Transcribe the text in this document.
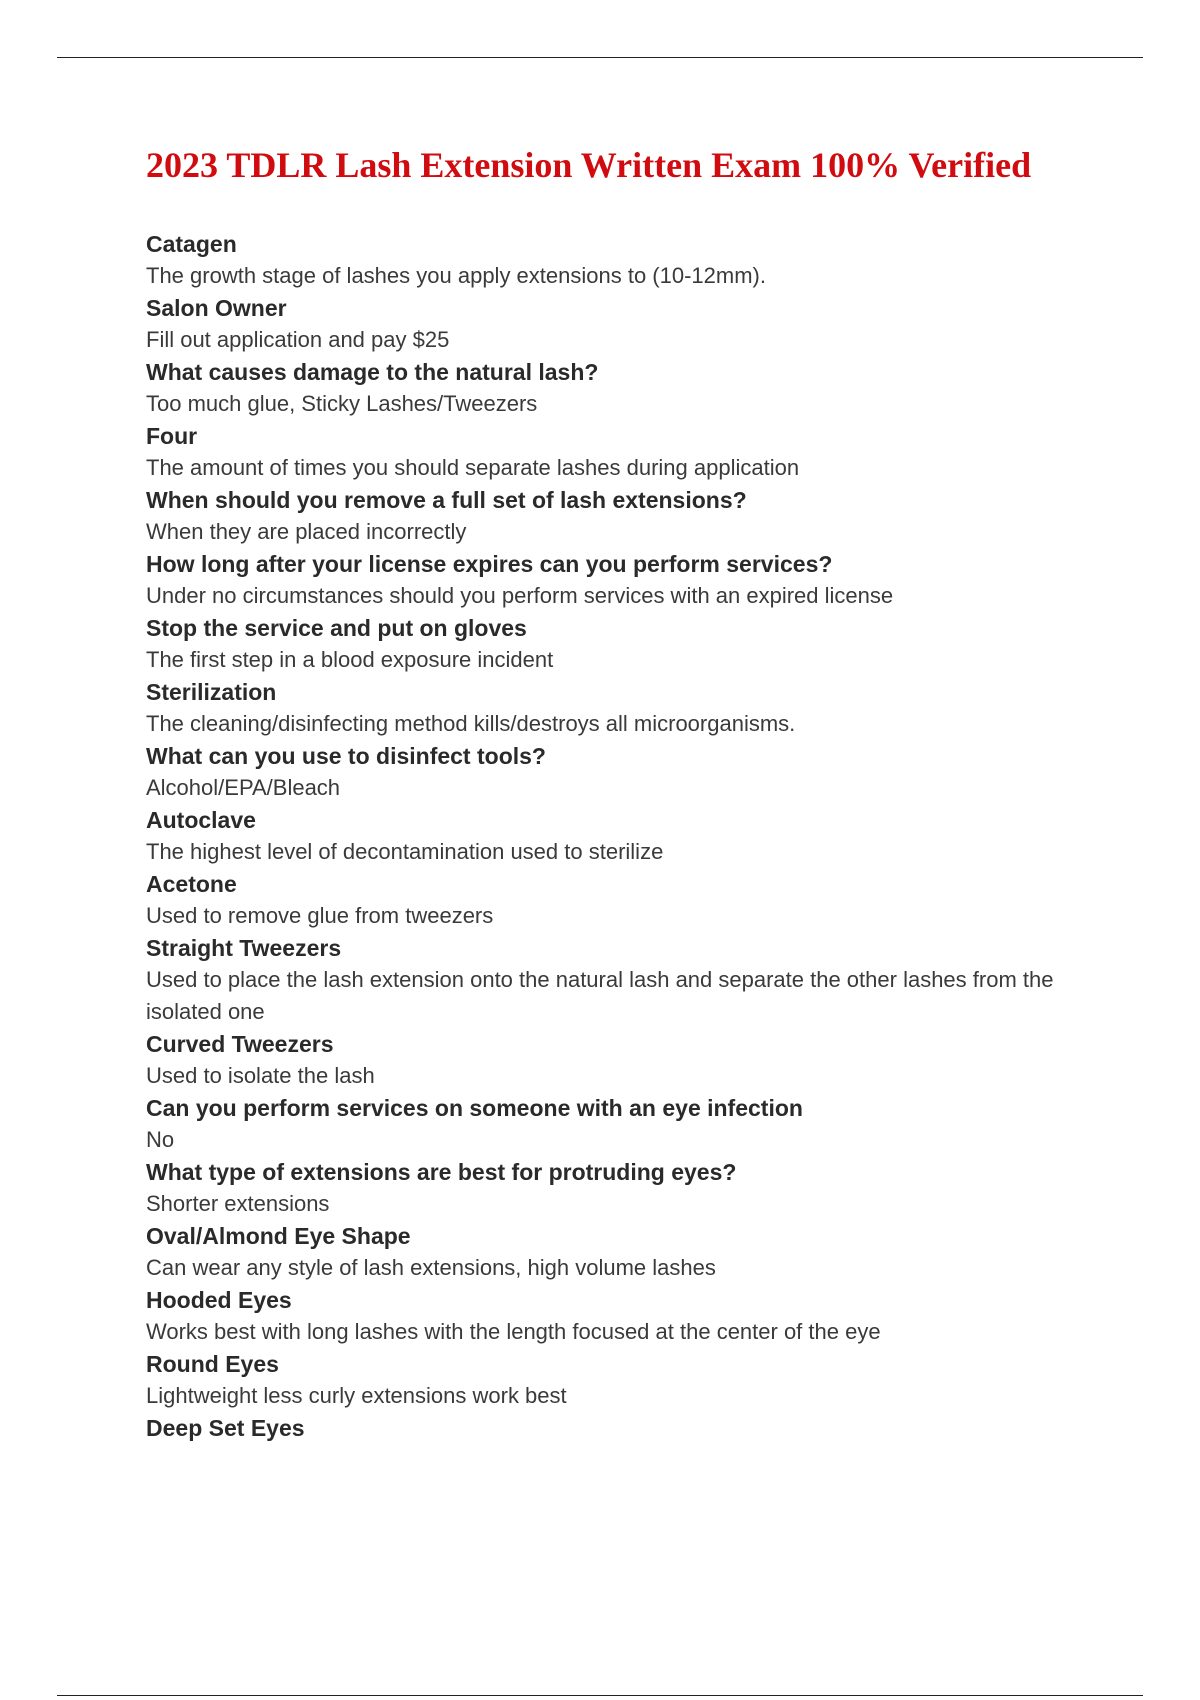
2023 TDLR Lash Extension Written Exam 100% Verified
Catagen
The growth stage of lashes you apply extensions to (10-12mm).
Salon Owner
Fill out application and pay $25
What causes damage to the natural lash?
Too much glue, Sticky Lashes/Tweezers
Four
The amount of times you should separate lashes during application
When should you remove a full set of lash extensions?
When they are placed incorrectly
How long after your license expires can you perform services?
Under no circumstances should you perform services with an expired license
Stop the service and put on gloves
The first step in a blood exposure incident
Sterilization
The cleaning/disinfecting method kills/destroys all microorganisms.
What can you use to disinfect tools?
Alcohol/EPA/Bleach
Autoclave
The highest level of decontamination used to sterilize
Acetone
Used to remove glue from tweezers
Straight Tweezers
Used to place the lash extension onto the natural lash and separate the other lashes from the isolated one
Curved Tweezers
Used to isolate the lash
Can you perform services on someone with an eye infection
No
What type of extensions are best for protruding eyes?
Shorter extensions
Oval/Almond Eye Shape
Can wear any style of lash extensions, high volume lashes
Hooded Eyes
Works best with long lashes with the length focused at the center of the eye
Round Eyes
Lightweight less curly extensions work best
Deep Set Eyes
